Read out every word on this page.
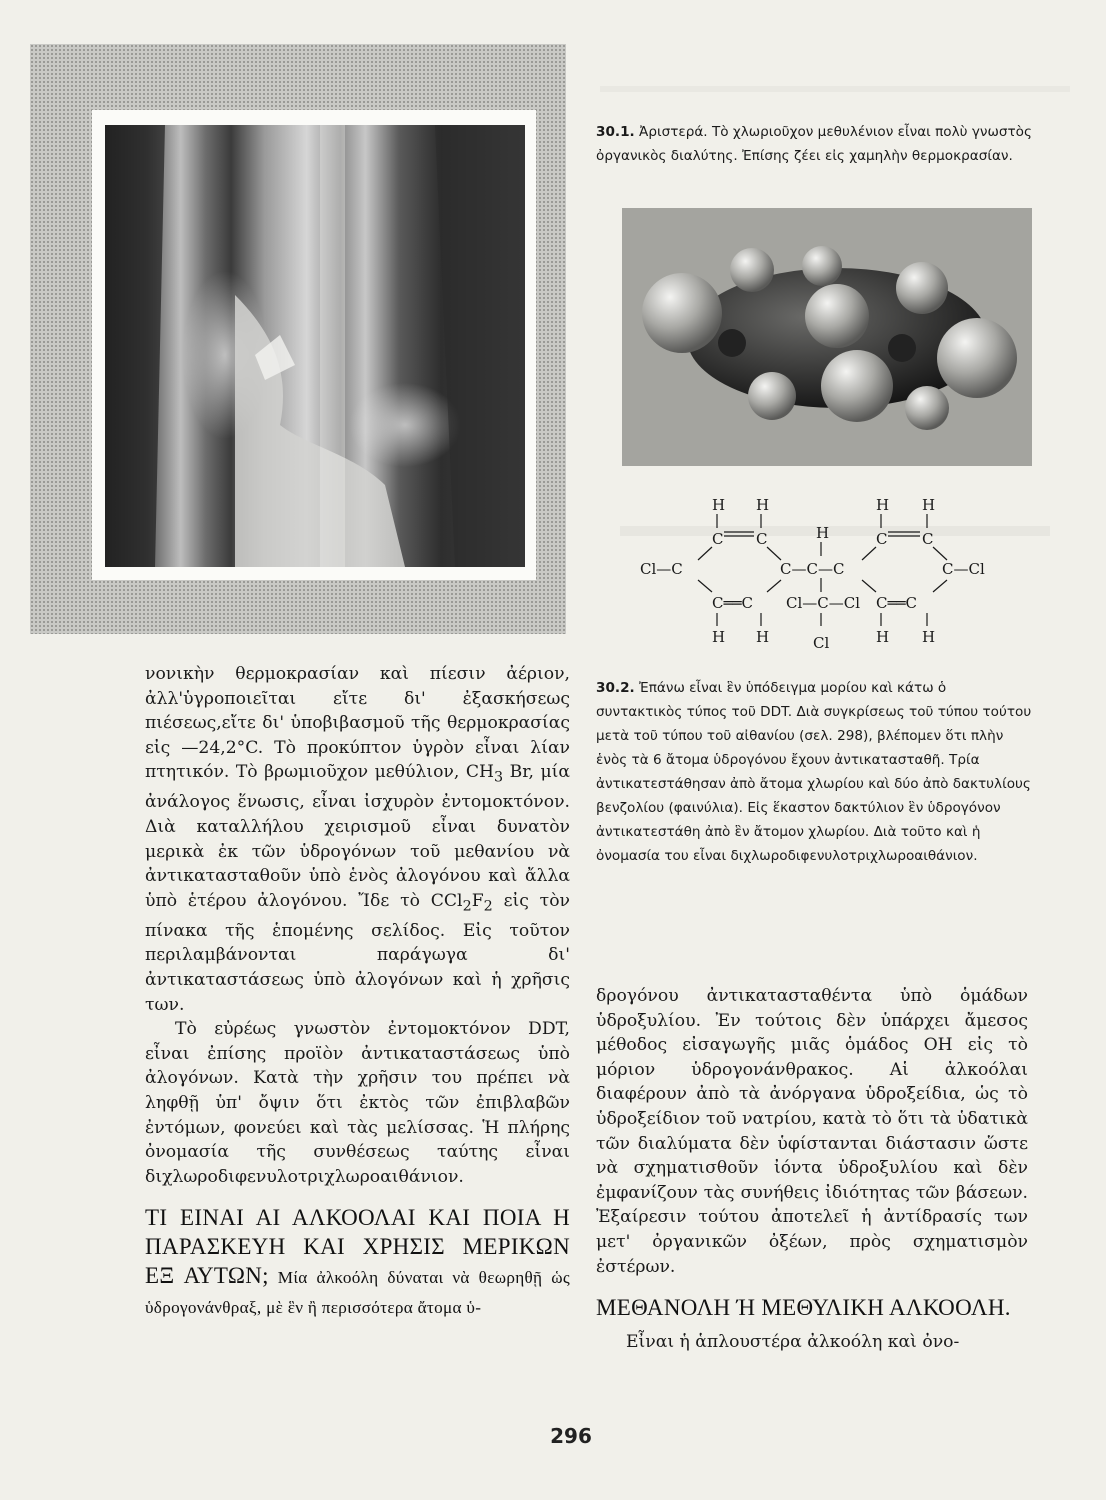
30.1. Ἀριστερά. Τὸ χλωριοῦχον μεθυλένιον εἶναι πολὺ γνωστὸς ὀργανικὸς διαλύτης. Ἐπίσης ζέει εἰς χαμηλὴν θερμοκρασίαν.
H H	H H
C C	C C
H
Cl—C	C—C—C	C—Cl
C══C Cl—C—Cl C══C
H H	Cl	H H
30.2. Ἐπάνω εἶναι ἓν ὑπόδειγμα μορίου καὶ κάτω ὁ συντακτικὸς τύπος τοῦ DDT. Διὰ συγκρίσεως τοῦ τύπου τούτου μετὰ τοῦ τύπου τοῦ αἰθανίου (σελ. 298), βλέπομεν ὅτι πλὴν ἑνὸς τὰ 6 ἄτομα ὑδρογόνου ἔχουν ἀντικατασταθῆ. Τρία ἀντικατεστάθησαν ἀπὸ ἄτομα χλωρίου καὶ δύο ἀπὸ δακτυλίους βενζολίου (φαινύλια). Εἰς ἕκαστον δακτύλιον ἓν ὑδρογόνον ἀντικατεστάθη ἀπὸ ἓν ἄτομον χλωρίου. Διὰ τοῦτο καὶ ἡ ὀνομασία του εἶναι διχλωροδιφενυλοτριχλωροαιθάνιον.

νονικὴν θερμοκρασίαν καὶ πίεσιν ἀέριον, ἀλλ'ὑγροποιεῖται εἴτε δι' ἐξασκήσεως πιέσεως,εἴτε δι' ὑποβιβασμοῦ τῆς θερμοκρασίας εἰς —24,2°C. Τὸ προκύπτον ὑγρὸν εἶναι λίαν πτητικόν. Τὸ βρωμιοῦχον μεθύλιον, $CH_3$ Br, μία ἀνάλογος ἕνωσις, εἶναι ἰσχυρὸν ἐντομοκτόνον. Διὰ καταλλήλου χειρισμοῦ εἶναι δυνατὸν μερικὰ ἐκ τῶν ὑδρογόνων τοῦ μεθανίου νὰ ἀντικατασταθοῦν ὑπὸ ἑνὸς ἀλογόνου καὶ ἄλλα ὑπὸ ἑτέρου ἀλογόνου. Ἴδε τὸ $CCl_2F_2$ εἰς τὸν πίνακα τῆς ἑπομένης σελίδος. Εἰς τοῦτον περιλαμβάνονται παράγωγα δι' ἀντικαταστάσεως ὑπὸ ἀλογόνων καὶ ἡ χρῆσις των.

Τὸ εὐρέως γνωστὸν ἐντομοκτόνον DDT, εἶναι ἐπίσης προϊὸν ἀντικαταστάσεως ὑπὸ ἀλογόνων. Κατὰ τὴν χρῆσιν του πρέπει νὰ ληφθῇ ὑπ' ὄψιν ὅτι ἐκτὸς τῶν ἐπιβλαβῶν ἐντόμων, φονεύει καὶ τὰς μελίσσας. Ἡ πλήρης ὀνομασία τῆς συνθέσεως ταύτης εἶναι διχλωροδιφενυλοτριχλωροαιθάνιον.

ΤΙ ΕΙΝΑΙ ΑΙ ΑΛΚΟΟΛΑΙ ΚΑΙ ΠΟΙΑ Η ΠΑΡΑΣΚΕΥΗ ΚΑΙ ΧΡΗΣΙΣ ΜΕΡΙΚΩΝ ΕΞ ΑΥΤΩΝ; Μία ἀλκοόλη δύναται νὰ θεωρηθῇ ὡς ὑδρογονάνθραξ, μὲ ἓν ἢ περισσότερα ἄτομα ὑ-

δρογόνου ἀντικατασταθέντα ὑπὸ ὁμάδων ὑδροξυλίου. Ἐν τούτοις δὲν ὑπάρχει ἄμεσος μέθοδος εἰσαγωγῆς μιᾶς ὁμάδος ΟΗ εἰς τὸ μόριον ὑδρογονάνθρακος. Αἱ ἀλκοόλαι διαφέρουν ἀπὸ τὰ ἀνόργανα ὑδροξείδια, ὡς τὸ ὑδροξείδιον τοῦ νατρίου, κατὰ τὸ ὅτι τὰ ὑδατικὰ τῶν διαλύματα δὲν ὑφίστανται διάστασιν ὥστε νὰ σχηματισθοῦν ἰόντα ὑδροξυλίου καὶ δὲν ἐμφανίζουν τὰς συνήθεις ἰδιότητας τῶν βάσεων. Ἐξαίρεσιν τούτου ἀποτελεῖ ἡ ἀντίδρασίς των μετ' ὀργανικῶν ὀξέων, πρὸς σχηματισμὸν ἐστέρων.

ΜΕΘΑΝΟΛΗ Ή ΜΕΘΥΛΙΚΗ ΑΛΚΟΟΛΗ.

Εἶναι ἡ ἁπλουστέρα ἀλκοόλη καὶ ὀνο-

296
